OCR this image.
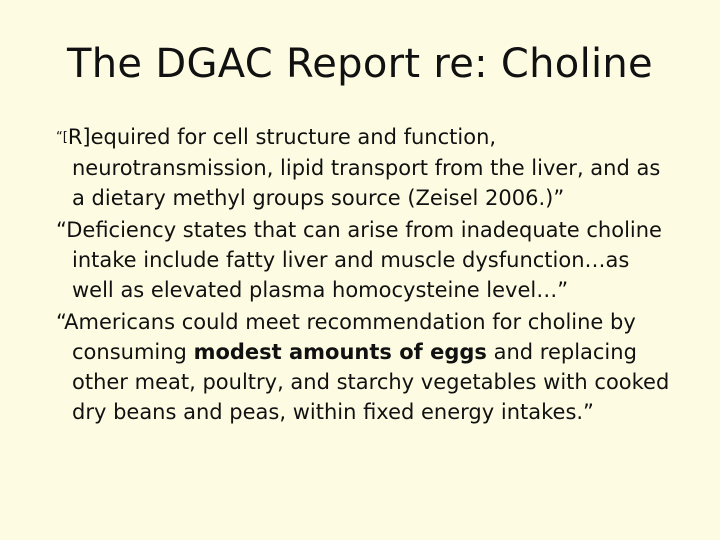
The DGAC Report re: Choline

“[R]equired for cell structure and function, neurotransmission, lipid transport from the liver, and as a dietary methyl groups source (Zeisel 2006.)”

“Deficiency states that can arise from inadequate choline intake include fatty liver and muscle dysfunction…as well as elevated plasma homocysteine level…”

“Americans could meet recommendation for choline by consuming modest amounts of eggs and replacing other meat, poultry, and starchy vegetables with cooked dry beans and peas, within fixed energy intakes.”
